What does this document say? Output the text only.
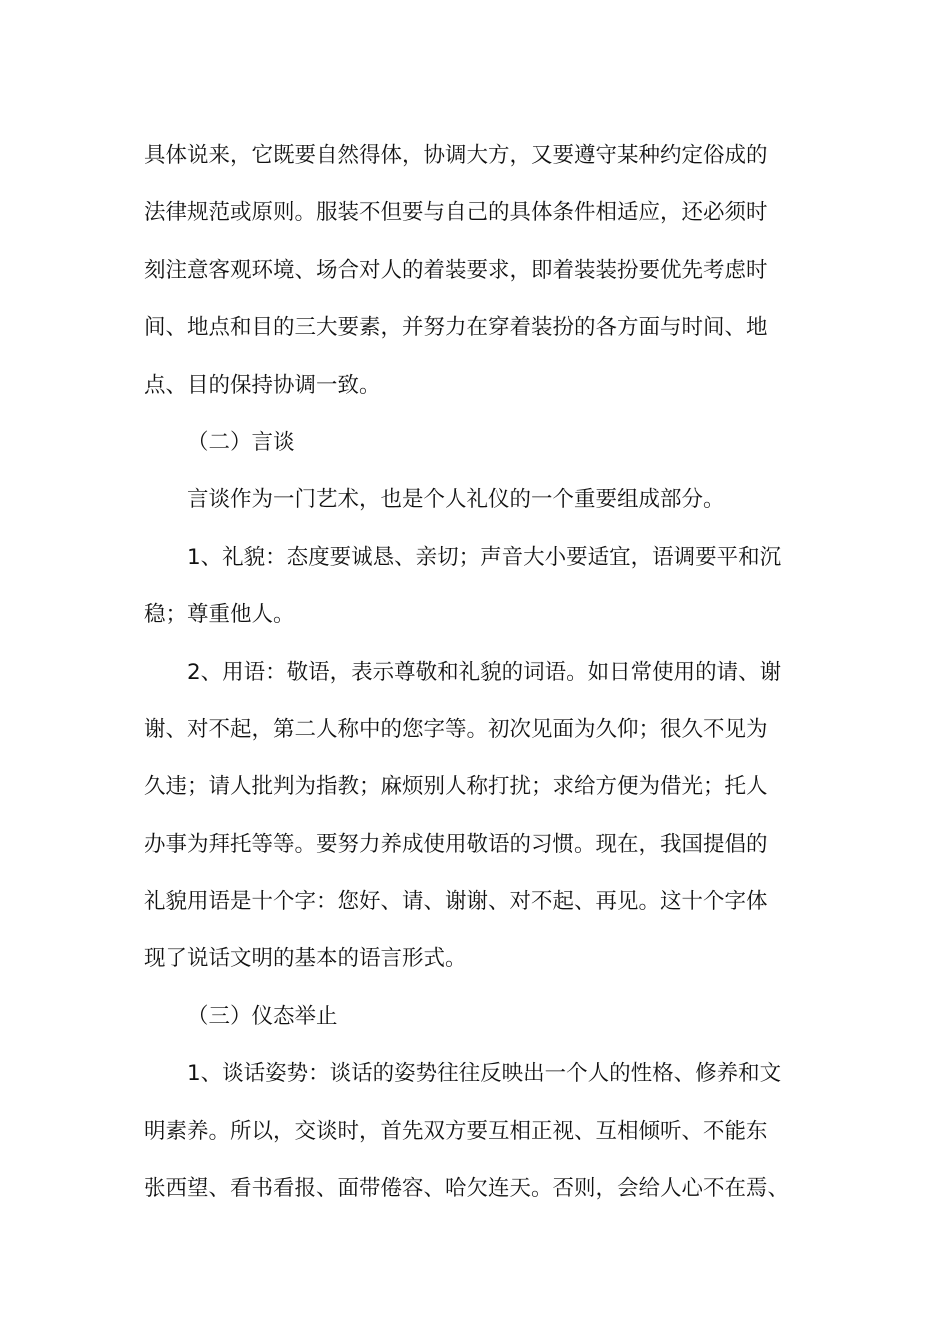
具体说来，它既要自然得体，协调大方，又要遵守某种约定俗成的
法律规范或原则。服装不但要与自己的具体条件相适应，还必须时
刻注意客观环境、场合对人的着装要求，即着装装扮要优先考虑时
间、地点和目的三大要素，并努力在穿着装扮的各方面与时间、地
点、目的保持协调一致。
（二）言谈
言谈作为一门艺术，也是个人礼仪的一个重要组成部分。
1、礼貌：态度要诚恳、亲切；声音大小要适宜，语调要平和沉
稳；尊重他人。
2、用语：敬语，表示尊敬和礼貌的词语。如日常使用的请、谢
谢、对不起，第二人称中的您字等。初次见面为久仰；很久不见为
久违；请人批判为指教；麻烦别人称打扰；求给方便为借光；托人
办事为拜托等等。要努力养成使用敬语的习惯。现在，我国提倡的
礼貌用语是十个字：您好、请、谢谢、对不起、再见。这十个字体
现了说话文明的基本的语言形式。
（三）仪态举止
1、谈话姿势：谈话的姿势往往反映出一个人的性格、修养和文
明素养。所以，交谈时，首先双方要互相正视、互相倾听、不能东
张西望、看书看报、面带倦容、哈欠连天。否则，会给人心不在焉、
